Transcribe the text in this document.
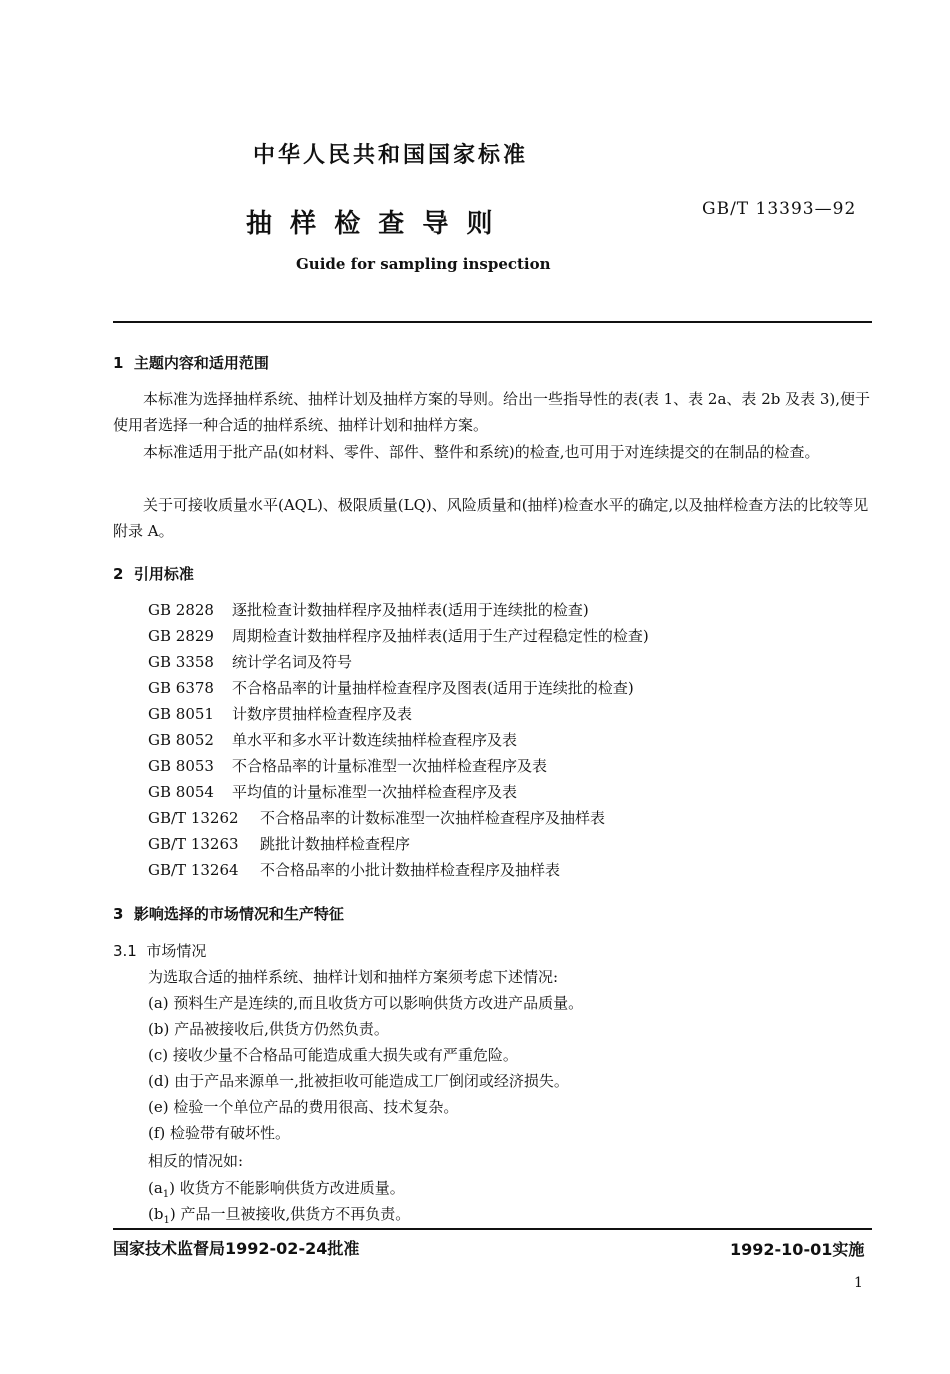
中华人民共和国国家标准
抽  样  检  查  导  则	GB/T 13393—92
Guide for sampling inspection
1  主题内容和适用范围
本标准为选择抽样系统、抽样计划及抽样方案的导则。给出一些指导性的表(表 1、表 2a、表 2b 及表 3),便于使用者选择一种合适的抽样系统、抽样计划和抽样方案。
本标准适用于批产品(如材料、零件、部件、整件和系统)的检查,也可用于对连续提交的在制品的检查。
关于可接收质量水平(AQL)、极限质量(LQ)、风险质量和(抽样)检查水平的确定,以及抽样检查方法的比较等见附录 A。
2  引用标准
GB 2828 逐批检查计数抽样程序及抽样表(适用于连续批的检查)
GB 2829 周期检查计数抽样程序及抽样表(适用于生产过程稳定性的检查)
GB 3358 统计学名词及符号
GB 6378 不合格品率的计量抽样检查程序及图表(适用于连续批的检查)
GB 8051 计数序贯抽样检查程序及表
GB 8052 单水平和多水平计数连续抽样检查程序及表
GB 8053 不合格品率的计量标准型一次抽样检查程序及表
GB 8054 平均值的计量标准型一次抽样检查程序及表
GB/T 13262 不合格品率的计数标准型一次抽样检查程序及抽样表
GB/T 13263 跳批计数抽样检查程序
GB/T 13264 不合格品率的小批计数抽样检查程序及抽样表
3  影响选择的市场情况和生产特征
3.1  市场情况
为选取合适的抽样系统、抽样计划和抽样方案须考虑下述情况:
(a) 预料生产是连续的,而且收货方可以影响供货方改进产品质量。
(b) 产品被接收后,供货方仍然负责。
(c) 接收少量不合格品可能造成重大损失或有严重危险。
(d) 由于产品来源单一,批被拒收可能造成工厂倒闭或经济损失。
(e) 检验一个单位产品的费用很高、技术复杂。
(f) 检验带有破坏性。
相反的情况如:
$(a_1)$ 收货方不能影响供货方改进质量。
$(b_1)$ 产品一旦被接收,供货方不再负责。
国家技术监督局1992-02-24批准	1992-10-01实施
1
